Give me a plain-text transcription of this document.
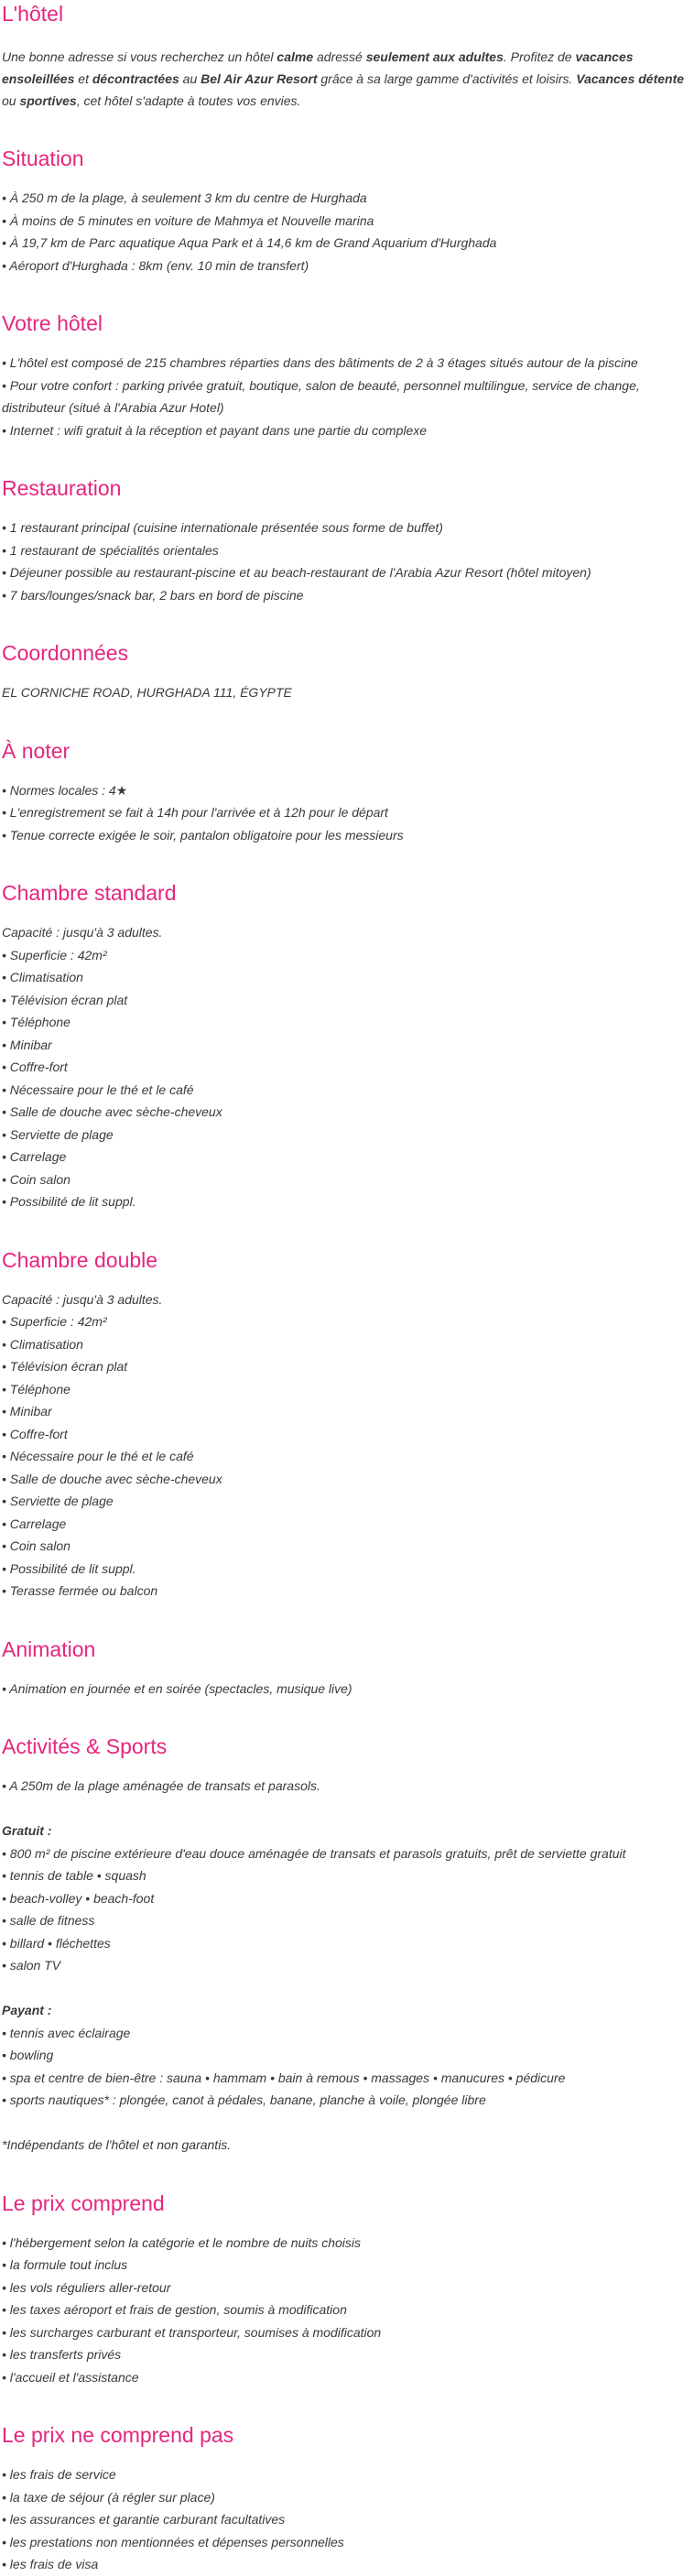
L'hôtel
Une bonne adresse si vous recherchez un hôtel calme adressé seulement aux adultes. Profitez de vacances ensoleillées et décontractées au Bel Air Azur Resort grâce à sa large gamme d'activités et loisirs. Vacances détente ou sportives, cet hôtel s'adapte à toutes vos envies.
Situation
• À 250 m de la plage, à seulement 3 km du centre de Hurghada
• À moins de 5 minutes en voiture de Mahmya et Nouvelle marina
• À 19,7 km de Parc aquatique Aqua Park et à 14,6 km de Grand Aquarium d'Hurghada
• Aéroport d'Hurghada : 8km (env. 10 min de transfert)
Votre hôtel
• L'hôtel est composé de 215 chambres réparties dans des bâtiments de 2 à 3 étages situés autour de la piscine
• Pour votre confort : parking privée gratuit, boutique, salon de beauté, personnel multilingue, service de change, distributeur (situé à l'Arabia Azur Hotel)
• Internet : wifi gratuit à la réception et payant dans une partie du complexe
Restauration
• 1 restaurant principal (cuisine internationale présentée sous forme de buffet)
• 1 restaurant de spécialités orientales
• Déjeuner possible au restaurant-piscine et au beach-restaurant de l'Arabia Azur Resort (hôtel mitoyen)
• 7 bars/lounges/snack bar, 2 bars en bord de piscine
Coordonnées
EL CORNICHE ROAD, HURGHADA 111, ÉGYPTE
À noter
• Normes locales : 4★
• L'enregistrement se fait à 14h pour l'arrivée et à 12h pour le départ
• Tenue correcte exigée le soir, pantalon obligatoire pour les messieurs
Chambre standard
Capacité : jusqu'à 3 adultes.
• Superficie : 42m²
• Climatisation
• Télévision écran plat
• Téléphone
• Minibar
• Coffre-fort
• Nécessaire pour le thé et le café
• Salle de douche avec sèche-cheveux
• Serviette de plage
• Carrelage
• Coin salon
• Possibilité de lit suppl.
Chambre double
Capacité : jusqu'à 3 adultes.
• Superficie : 42m²
• Climatisation
• Télévision écran plat
• Téléphone
• Minibar
• Coffre-fort
• Nécessaire pour le thé et le café
• Salle de douche avec sèche-cheveux
• Serviette de plage
• Carrelage
• Coin salon
• Possibilité de lit suppl.
• Terasse fermée ou balcon
Animation
• Animation en journée et en soirée (spectacles, musique live)
Activités & Sports
• A 250m de la plage aménagée de transats et parasols.
Gratuit :
• 800 m² de piscine extérieure d'eau douce aménagée de transats et parasols gratuits, prêt de serviette gratuit
• tennis de table • squash
• beach-volley • beach-foot
• salle de fitness
• billard • fléchettes
• salon TV
Payant :
• tennis avec éclairage
• bowling
• spa et centre de bien-être : sauna • hammam • bain à remous • massages • manucures • pédicure
• sports nautiques* : plongée, canot à pédales, banane, planche à voile, plongée libre
*Indépendants de l'hôtel et non garantis.
Le prix comprend
• l'hébergement selon la catégorie et le nombre de nuits choisis
• la formule tout inclus
• les vols réguliers aller-retour
• les taxes aéroport et frais de gestion, soumis à modification
• les surcharges carburant et transporteur, soumises à modification
• les transferts privés
• l'accueil et l'assistance
Le prix ne comprend pas
• les frais de service
• la taxe de séjour (à régler sur place)
• les assurances et garantie carburant facultatives
• les prestations non mentionnées et dépenses personnelles
• les frais de visa
